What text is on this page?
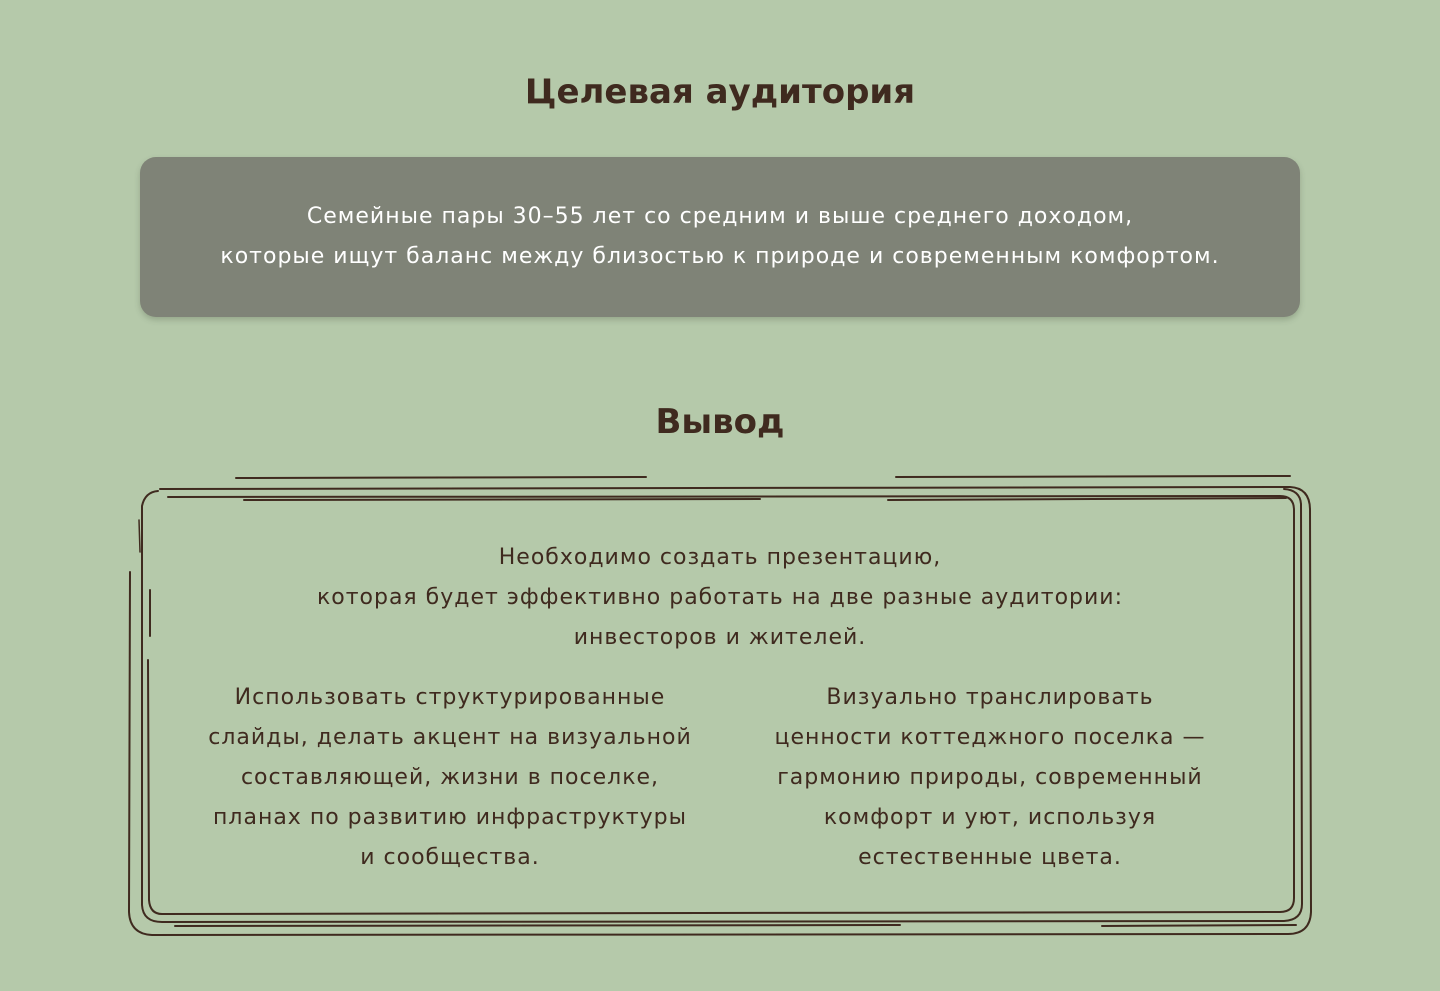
Целевая аудитория

Семейные пары 30–55 лет со средним и выше среднего доходом,
которые ищут баланс между близостью к природе и современным комфортом.

Вывод

Необходимо создать презентацию,
которая будет эффективно работать на две разные аудитории:
инвесторов и жителей.

Использовать структурированные
слайды, делать акцент на визуальной
составляющей, жизни в поселке,
планах по развитию инфраструктуры
и сообщества.

Визуально транслировать
ценности коттеджного поселка —
гармонию природы, современный
комфорт и уют, используя
естественные цвета.
